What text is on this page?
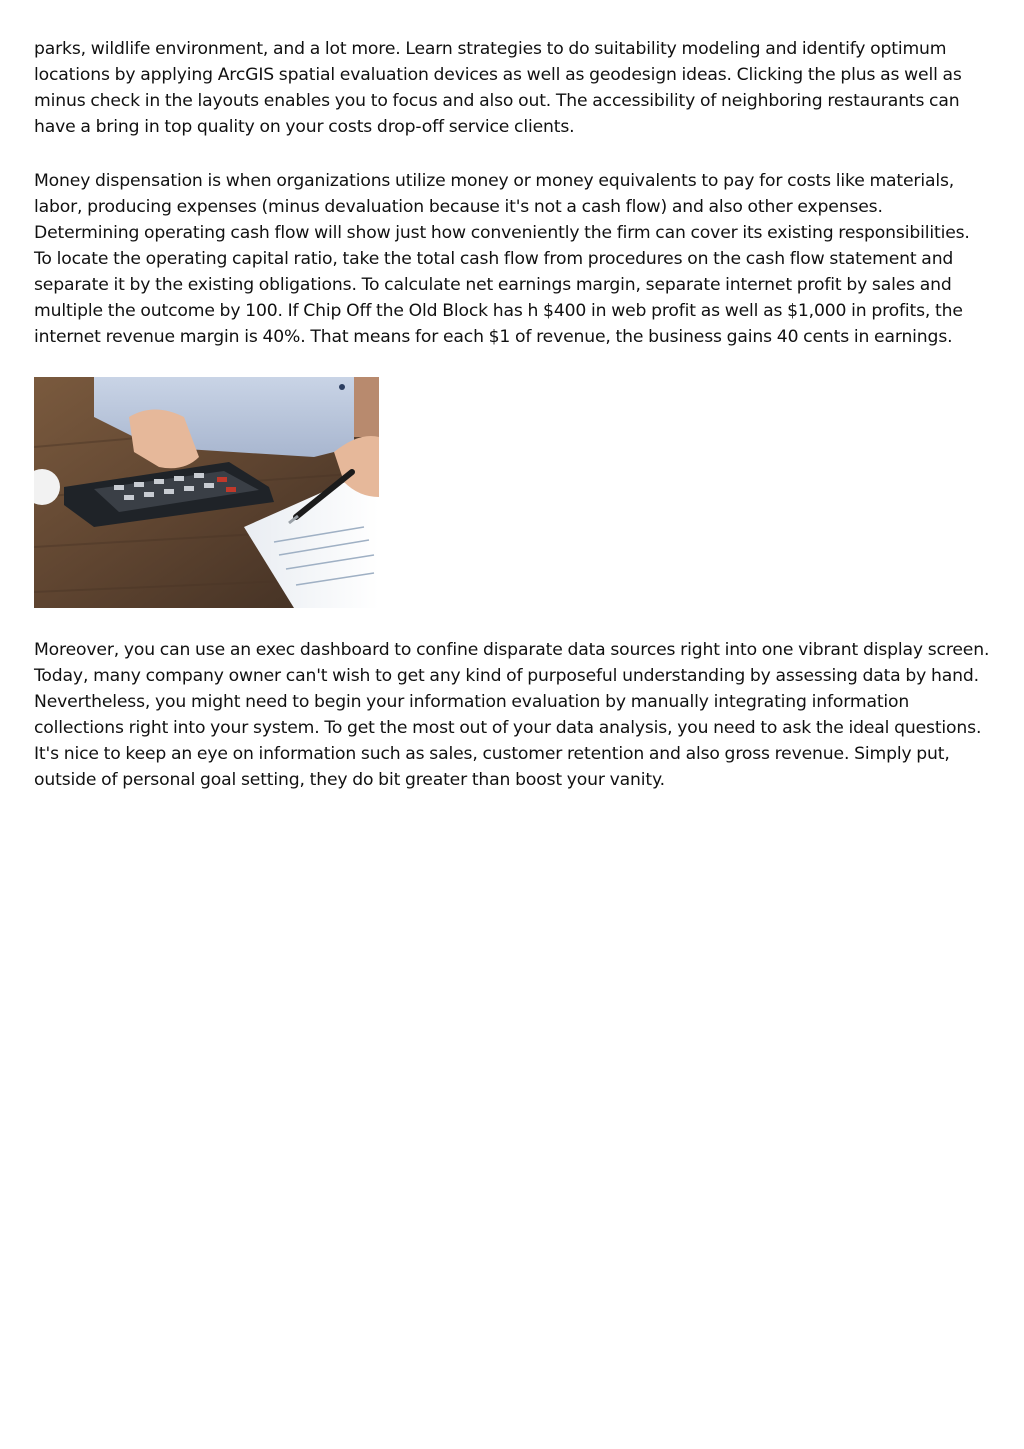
parks, wildlife environment, and a lot more. Learn strategies to do suitability modeling and identify optimum locations by applying ArcGIS spatial evaluation devices as well as geodesign ideas. Clicking the plus as well as minus check in the layouts enables you to focus and also out. The accessibility of neighboring restaurants can have a bring in top quality on your costs drop-off service clients.

Money dispensation is when organizations utilize money or money equivalents to pay for costs like materials, labor, producing expenses (minus devaluation because it's not a cash flow) and also other expenses. Determining operating cash flow will show just how conveniently the firm can cover its existing responsibilities. To locate the operating capital ratio, take the total cash flow from procedures on the cash flow statement and separate it by the existing obligations. To calculate net earnings margin, separate internet profit by sales and multiple the outcome by 100. If Chip Off the Old Block has h $400 in web profit as well as $1,000 in profits, the internet revenue margin is 40%. That means for each $1 of revenue, the business gains 40 cents in earnings.

Moreover, you can use an exec dashboard to confine disparate data sources right into one vibrant display screen. Today, many company owner can't wish to get any kind of purposeful understanding by assessing data by hand. Nevertheless, you might need to begin your information evaluation by manually integrating information collections right into your system. To get the most out of your data analysis, you need to ask the ideal questions. It's nice to keep an eye on information such as sales, customer retention and also gross revenue. Simply put, outside of personal goal setting, they do bit greater than boost your vanity.
